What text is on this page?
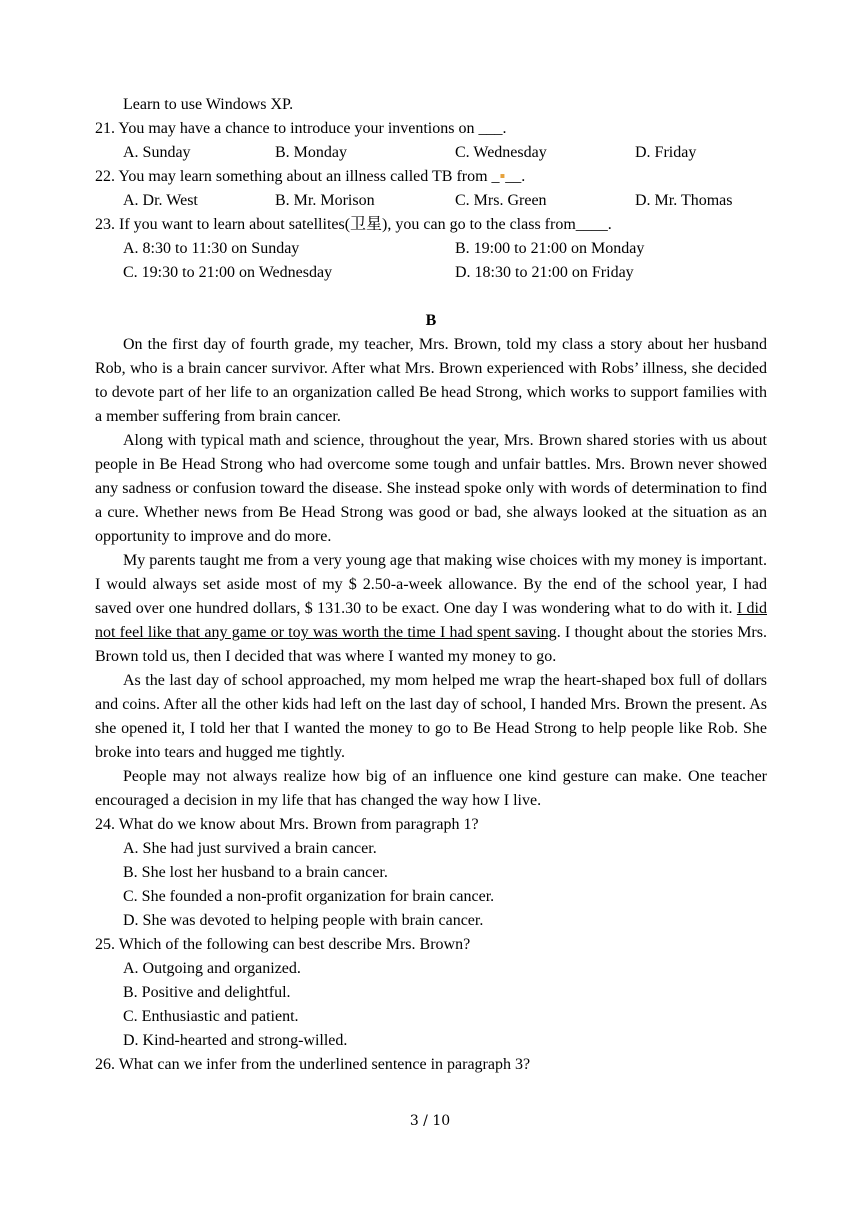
Learn to use Windows XP.

21. You may have a chance to introduce your inventions on ___.

A. Sunday	B. Monday	C. Wednesday	D. Friday

22. You may learn something about an illness called TB from _▪__.

A. Dr. West	B. Mr. Morison	C. Mrs. Green	D. Mr. Thomas

23. If you want to learn about satellites(卫星), you can go to the class from____.

A. 8:30 to 11:30 on Sunday	B. 19:00 to 21:00 on Monday
C. 19:30 to 21:00 on Wednesday	D. 18:30 to 21:00 on Friday

B

On the first day of fourth grade, my teacher, Mrs. Brown, told my class a story about her husband Rob, who is a brain cancer survivor. After what Mrs. Brown experienced with Robs’ illness, she decided to devote part of her life to an organization called Be head Strong, which works to support families with a member suffering from brain cancer.

Along with typical math and science, throughout the year, Mrs. Brown shared stories with us about people in Be Head Strong who had overcome some tough and unfair battles. Mrs. Brown never showed any sadness or confusion toward the disease. She instead spoke only with words of determination to find a cure. Whether news from Be Head Strong was good or bad, she always looked at the situation as an opportunity to improve and do more.

My parents taught me from a very young age that making wise choices with my money is important. I would always set aside most of my $ 2.50-a-week allowance. By the end of the school year, I had saved over one hundred dollars, $ 131.30 to be exact. One day I was wondering what to do with it. I did not feel like that any game or toy was worth the time I had spent saving. I thought about the stories Mrs. Brown told us, then I decided that was where I wanted my money to go.

As the last day of school approached, my mom helped me wrap the heart-shaped box full of dollars and coins. After all the other kids had left on the last day of school, I handed Mrs. Brown the present. As she opened it, I told her that I wanted the money to go to Be Head Strong to help people like Rob. She broke into tears and hugged me tightly.

People may not always realize how big of an influence one kind gesture can make. One teacher encouraged a decision in my life that has changed the way how I live.

24. What do we know about Mrs. Brown from paragraph 1?

A. She had just survived a brain cancer.

B. She lost her husband to a brain cancer.

C. She founded a non-profit organization for brain cancer.

D. She was devoted to helping people with brain cancer.

25. Which of the following can best describe Mrs. Brown?

A. Outgoing and organized.

B. Positive and delightful.

C. Enthusiastic and patient.

D. Kind-hearted and strong-willed.

26. What can we infer from the underlined sentence in paragraph 3?

3 / 10
